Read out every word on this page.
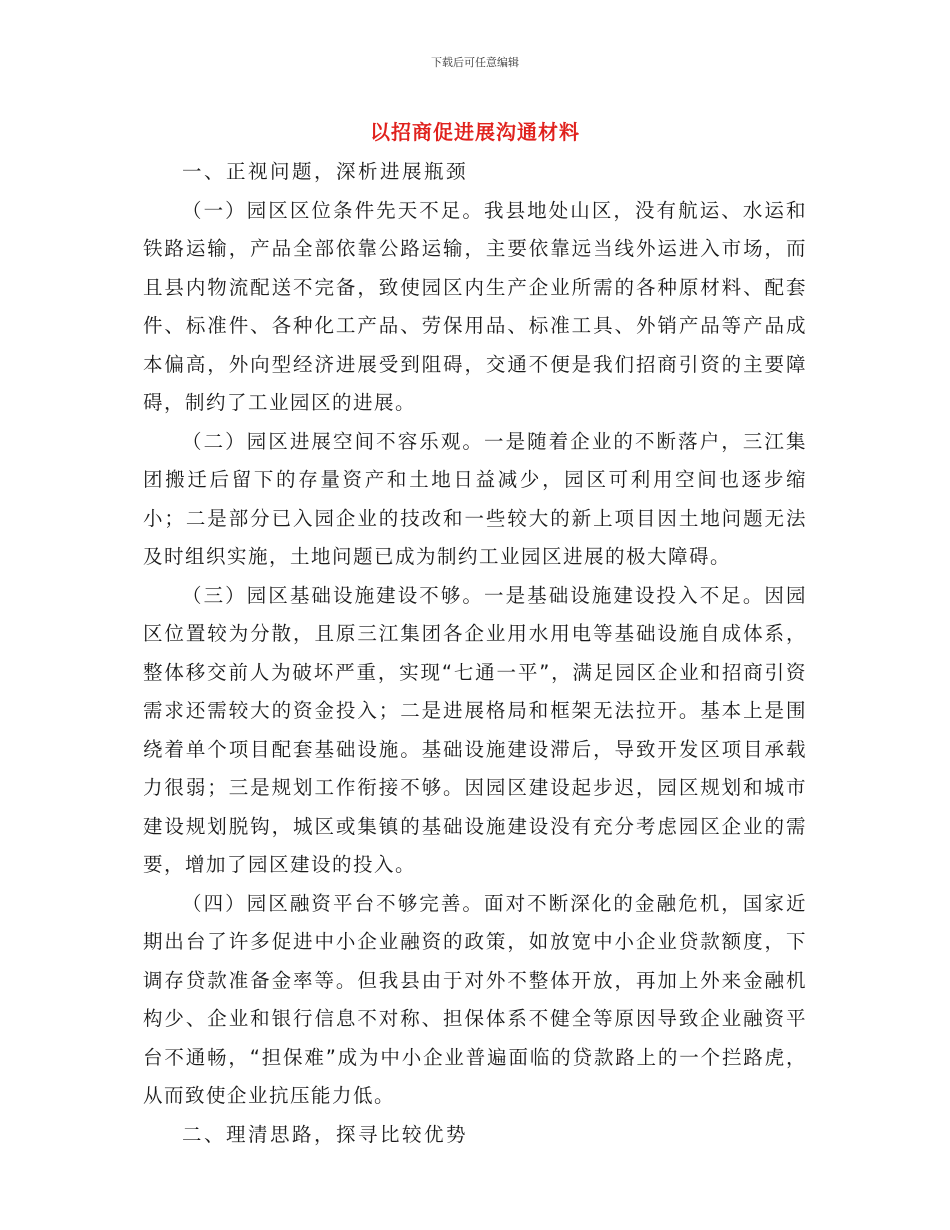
下载后可任意编辑
以招商促进展沟通材料

一、正视问题，深析进展瓶颈

（一）园区区位条件先天不足。我县地处山区，没有航运、水运和铁路运输，产品全部依靠公路运输，主要依靠远当线外运进入市场，而且县内物流配送不完备，致使园区内生产企业所需的各种原材料、配套件、标准件、各种化工产品、劳保用品、标准工具、外销产品等产品成本偏高，外向型经济进展受到阻碍，交通不便是我们招商引资的主要障碍，制约了工业园区的进展。

（二）园区进展空间不容乐观。一是随着企业的不断落户，三江集团搬迁后留下的存量资产和土地日益减少，园区可利用空间也逐步缩小；二是部分已入园企业的技改和一些较大的新上项目因土地问题无法及时组织实施，土地问题已成为制约工业园区进展的极大障碍。

（三）园区基础设施建设不够。一是基础设施建设投入不足。因园区位置较为分散，且原三江集团各企业用水用电等基础设施自成体系，整体移交前人为破坏严重，实现“七通一平”，满足园区企业和招商引资需求还需较大的资金投入；二是进展格局和框架无法拉开。基本上是围绕着单个项目配套基础设施。基础设施建设滞后，导致开发区项目承载力很弱；三是规划工作衔接不够。因园区建设起步迟，园区规划和城市建设规划脱钩，城区或集镇的基础设施建设没有充分考虑园区企业的需要，增加了园区建设的投入。

（四）园区融资平台不够完善。面对不断深化的金融危机，国家近期出台了许多促进中小企业融资的政策，如放宽中小企业贷款额度，下调存贷款准备金率等。但我县由于对外不整体开放，再加上外来金融机构少、企业和银行信息不对称、担保体系不健全等原因导致企业融资平台不通畅，“担保难”成为中小企业普遍面临的贷款路上的一个拦路虎，从而致使企业抗压能力低。

二、理清思路，探寻比较优势
